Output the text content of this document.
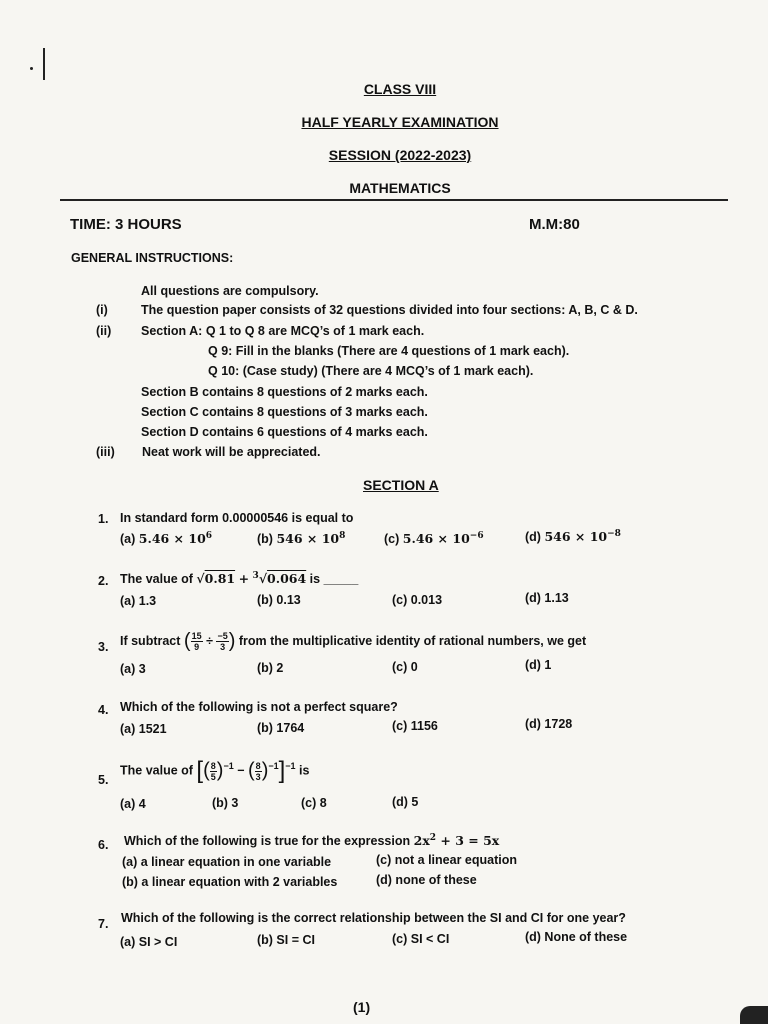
CLASS VIII
HALF YEARLY EXAMINATION
SESSION (2022-2023)
MATHEMATICS
TIME: 3 HOURS	M.M:80
GENERAL INSTRUCTIONS:
All questions are compulsory.
(i)	The question paper consists of 32 questions divided into four sections: A, B, C & D.
(ii) Section A: Q 1 to Q 8 are MCQ’s of 1 mark each.
Q 9: Fill in the blanks (There are 4 questions of 1 mark each).
Q 10: (Case study) (There are 4 MCQ’s of 1 mark each).
Section B contains 8 questions of 2 marks each.
Section C contains 8 questions of 3 marks each.
Section D contains 6 questions of 4 marks each.
(iii) Neat work will be appreciated.
SECTION A
1. In standard form 0.00000546 is equal to
(a) $5.46 \times 10^6$	(b) $546 \times 10^8$	(c) $5.46 \times 10^{-6}$	(d) $546 \times 10^{-8}$
2. The value of √0.81 + $^3$√0.064 is _____
(a) 1.3	(b) 0.13	(c) 0.013	(d) 1.13
3. If subtract ( $\frac{15}{9} \div \frac{-5}{3}$ ) from the multiplicative identity of rational numbers, we get
(a) 3	(b) 2	(c) 0	(d) 1
4. Which of the following is not a perfect square?
(a) 1521	(b) 1764	(c) 1156	(d) 1728
5.
The value of [( $\frac{8}{5} )^{-1}$ − ( $\frac{8}{3} )^{-1}]^{-1}$ is
(a) 4	(b) 3	(c) 8	(d) 5
6. Which of the following is true for the expression $2x^2 + 3 = 5x$
(a) a linear equation in one variable	(c) not a linear equation
(b) a linear equation with 2 variables	(d) none of these
7. Which of the following is the correct relationship between the SI and CI for one year?
(a) SI > CI	(b) SI = CI	(c) SI < CI	(d) None of these
(1)
